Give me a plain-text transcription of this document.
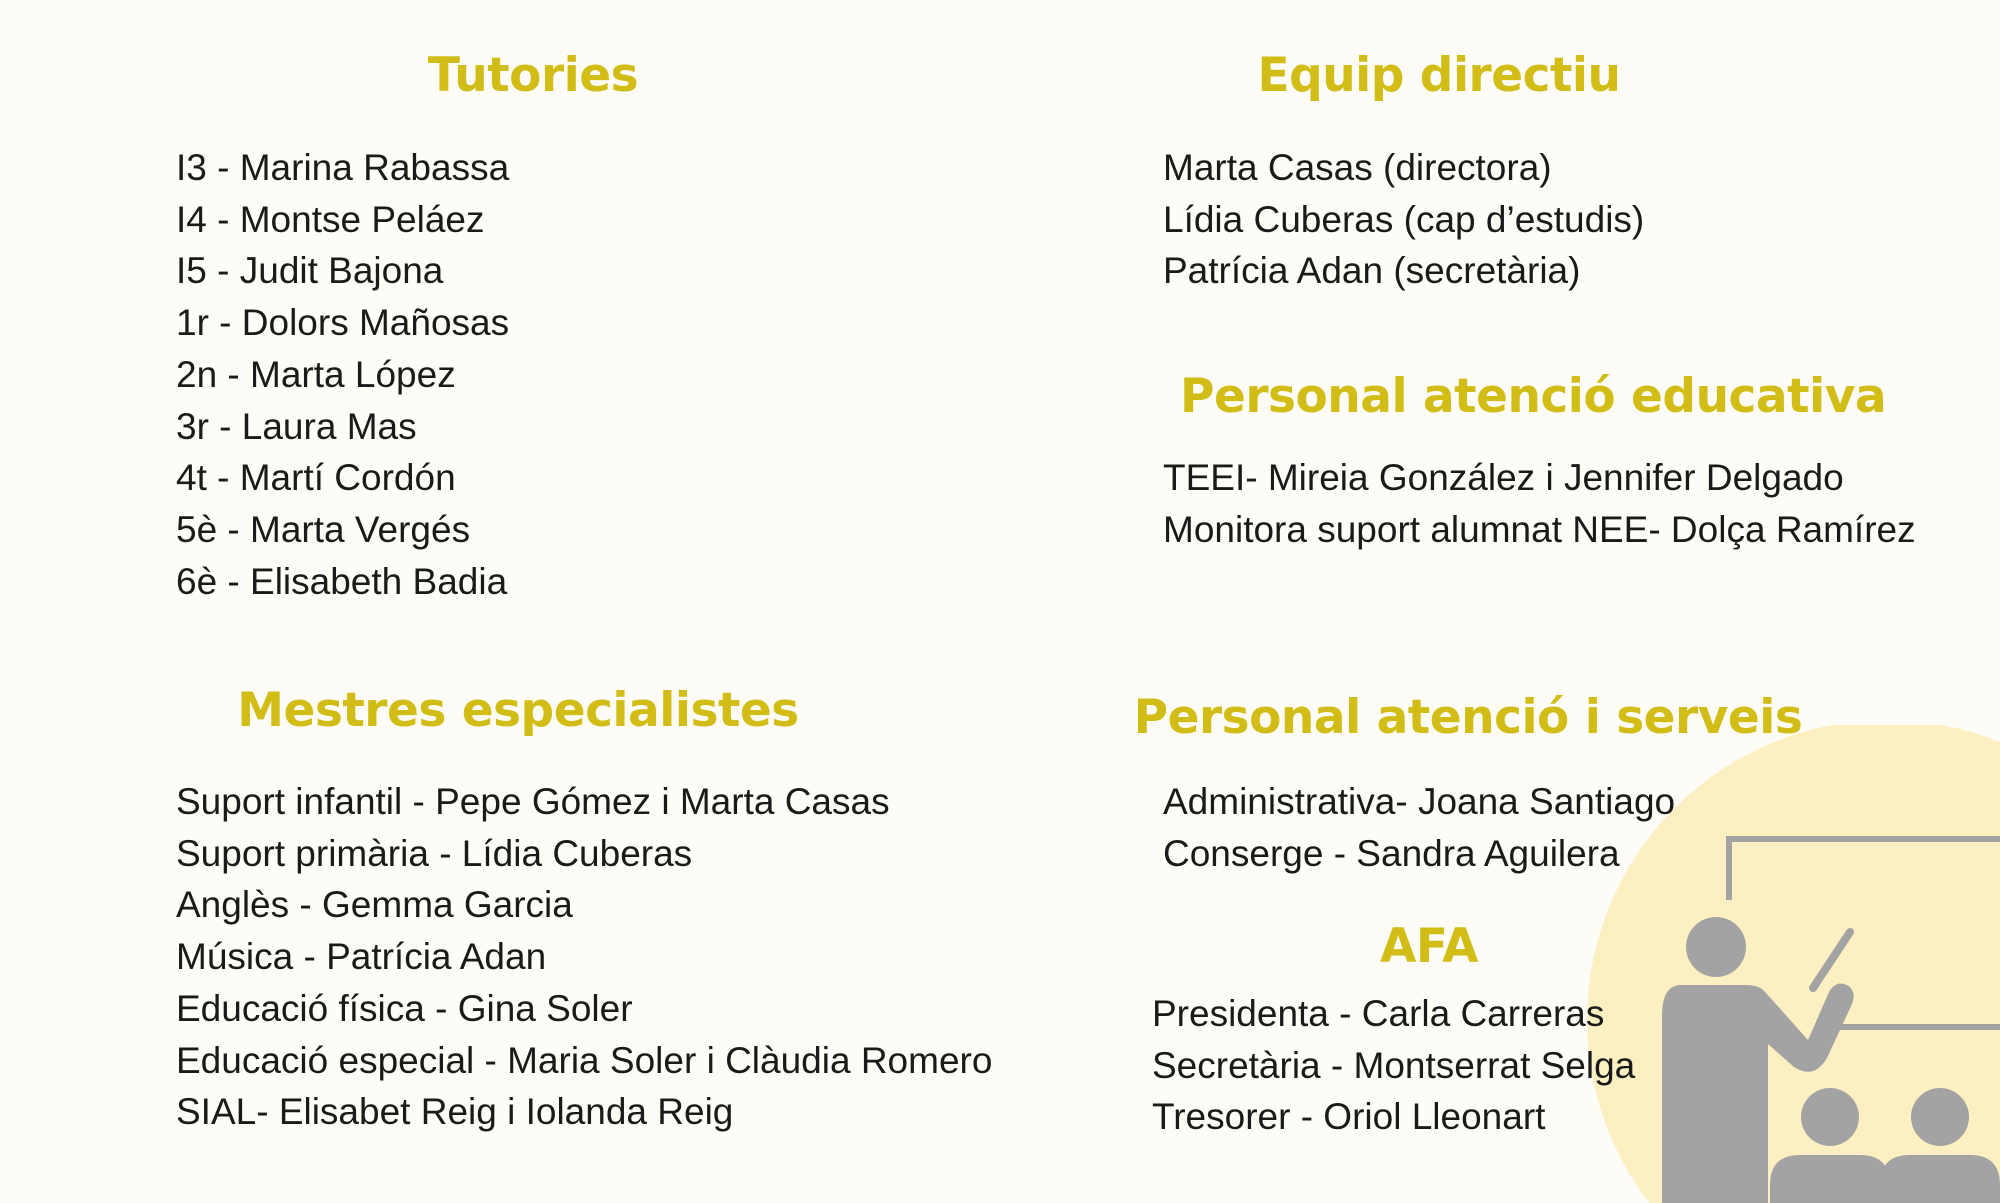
Tutories
I3 - Marina Rabassa
I4 - Montse Peláez
I5 - Judit Bajona
1r - Dolors Mañosas
2n - Marta López
3r - Laura Mas
4t - Martí Cordón
5è - Marta Vergés
6è - Elisabeth Badia
Equip directiu
Marta Casas (directora)
Lídia Cuberas (cap d’estudis)
Patrícia Adan (secretària)
Personal atenció educativa
TEEI- Mireia González i Jennifer Delgado
Monitora suport alumnat NEE- Dolça Ramírez
Mestres especialistes
Suport infantil - Pepe Gómez i Marta Casas
Suport primària - Lídia Cuberas
Anglès - Gemma Garcia
Música - Patrícia Adan
Educació física - Gina Soler
Educació especial - Maria Soler i Clàudia Romero
SIAL- Elisabet Reig i Iolanda Reig
Personal atenció i serveis
Administrativa- Joana Santiago
Conserge - Sandra Aguilera
AFA
Presidenta - Carla Carreras
Secretària - Montserrat Selga
Tresorer - Oriol Lleonart
